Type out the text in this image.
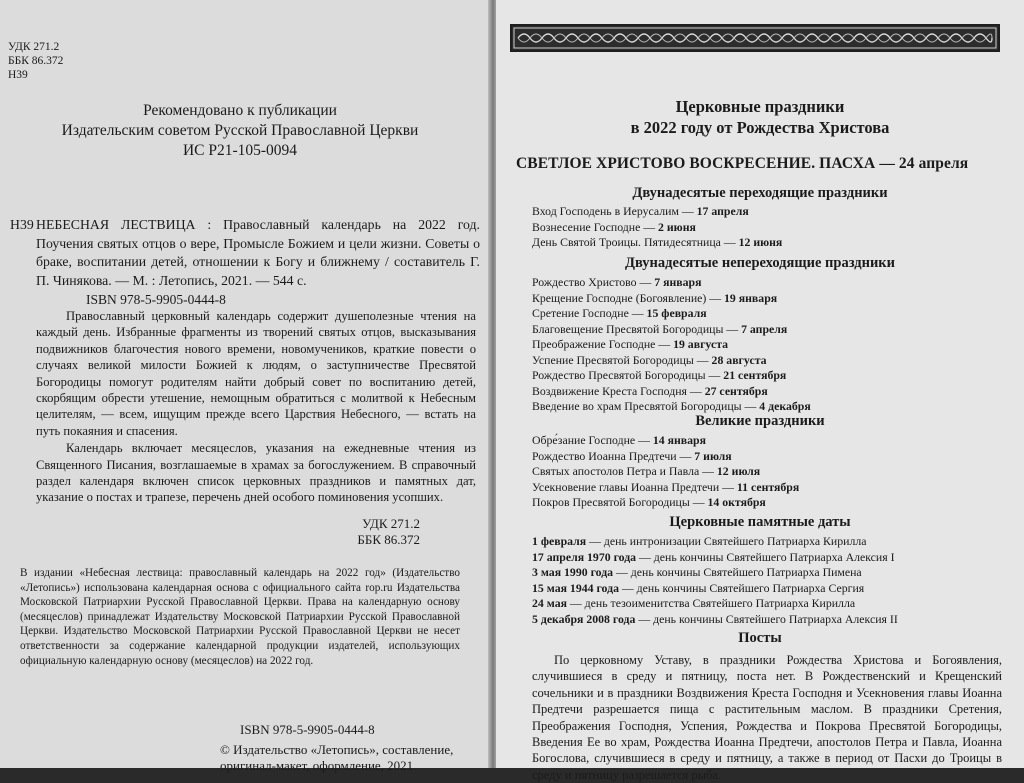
УДК 271.2
ББК 86.372
Н39
Рекомендовано к публикации
Издательским советом Русской Православной Церкви
ИС Р21-105-0094
Н39 НЕБЕСНАЯ ЛЕСТВИЦА : Православный календарь на 2022 год. Поучения святых отцов о вере, Промысле Божием и цели жизни. Советы о браке, воспитании детей, отношении к Богу и ближнему / составитель Г. П. Чинякова. — М. : Летопись, 2021. — 544 с.
ISBN 978-5-9905-0444-8

Православный церковный календарь содержит душеполезные чтения на каждый день. Избранные фрагменты из творений святых отцов, высказывания подвижников благочестия нового времени, новомучеников, краткие повести о случаях великой милости Божией к людям, о заступничестве Пресвятой Богородицы помогут родителям найти добрый совет по воспитанию детей, скорбящим обрести утешение, немощным обратиться с молитвой к Небесным целителям, — всем, ищущим прежде всего Царствия Небесного, — встать на путь покаяния и спасения.

Календарь включает месяцеслов, указания на ежедневные чтения из Священного Писания, возглашаемые в храмах за богослужением. В справочный раздел календаря включен список церковных праздников и памятных дат, указание о постах и трапезе, перечень дней особого поминовения усопших.

УДК 271.2
ББК 86.372
В издании «Небесная лествица: православный календарь на 2022 год» (Издательство «Летопись») использована календарная основа с официального сайта rop.ru Издательства Московской Патриархии Русской Православной Церкви. Права на календарную основу (месяцеслов) принадлежат Издательству Московской Патриархии Русской Православной Церкви. Издательство Московской Патриархии Русской Православной Церкви не несет ответственности за содержание календарной продукции издателей, использующих официальную календарную основу (месяцеслов) на 2022 год.
ISBN 978-5-9905-0444-8
© Издательство «Летопись», составление,
оригинал-макет, оформление, 2021
Церковные праздники
в 2022 году от Рождества Христова
СВЕТЛОЕ ХРИСТОВО ВОСКРЕСЕНИЕ. ПАСХА — 24 апреля
Двунадесятые переходящие праздники
Вход Господень в Иерусалим — 17 апреля
Вознесение Господне — 2 июня
День Святой Троицы. Пятидесятница — 12 июня
Двунадесятые непереходящие праздники
Рождество Христово — 7 января
Крещение Господне (Богоявление) — 19 января
Сретение Господне — 15 февраля
Благовещение Пресвятой Богородицы — 7 апреля
Преображение Господне — 19 августа
Успение Пресвятой Богородицы — 28 августа
Рождество Пресвятой Богородицы — 21 сентября
Воздвижение Креста Господня — 27 сентября
Введение во храм Пресвятой Богородицы — 4 декабря
Великие праздники
Обре́зание Господне — 14 января
Рождество Иоанна Предтечи — 7 июля
Святых апостолов Петра и Павла — 12 июля
Усекновение главы Иоанна Предтечи — 11 сентября
Покров Пресвятой Богородицы — 14 октября
Церковные памятные даты
1 февраля — день интронизации Святейшего Патриарха Кирилла
17 апреля 1970 года — день кончины Святейшего Патриарха Алексия I
3 мая 1990 года — день кончины Святейшего Патриарха Пимена
15 мая 1944 года — день кончины Святейшего Патриарха Сергия
24 мая — день тезоименитства Святейшего Патриарха Кирилла
5 декабря 2008 года — день кончины Святейшего Патриарха Алексия II
Посты

По церковному Уставу, в праздники Рождества Христова и Богоявления, случившиеся в среду и пятницу, поста нет. В Рождественский и Крещенский сочельники и в праздники Воздвижения Креста Господня и Усекновения главы Иоанна Предтечи разрешается пища с растительным маслом. В праздники Сретения, Преображения Господня, Успения, Рождества и Покрова Пресвятой Богородицы, Введения Ее во храм, Рождества Иоанна Предтечи, апостолов Петра и Павла, Иоанна Богослова, случившиеся в среду и пятницу, а также в период от Пасхи до Троицы в среду и пятницу разрешается рыба.
